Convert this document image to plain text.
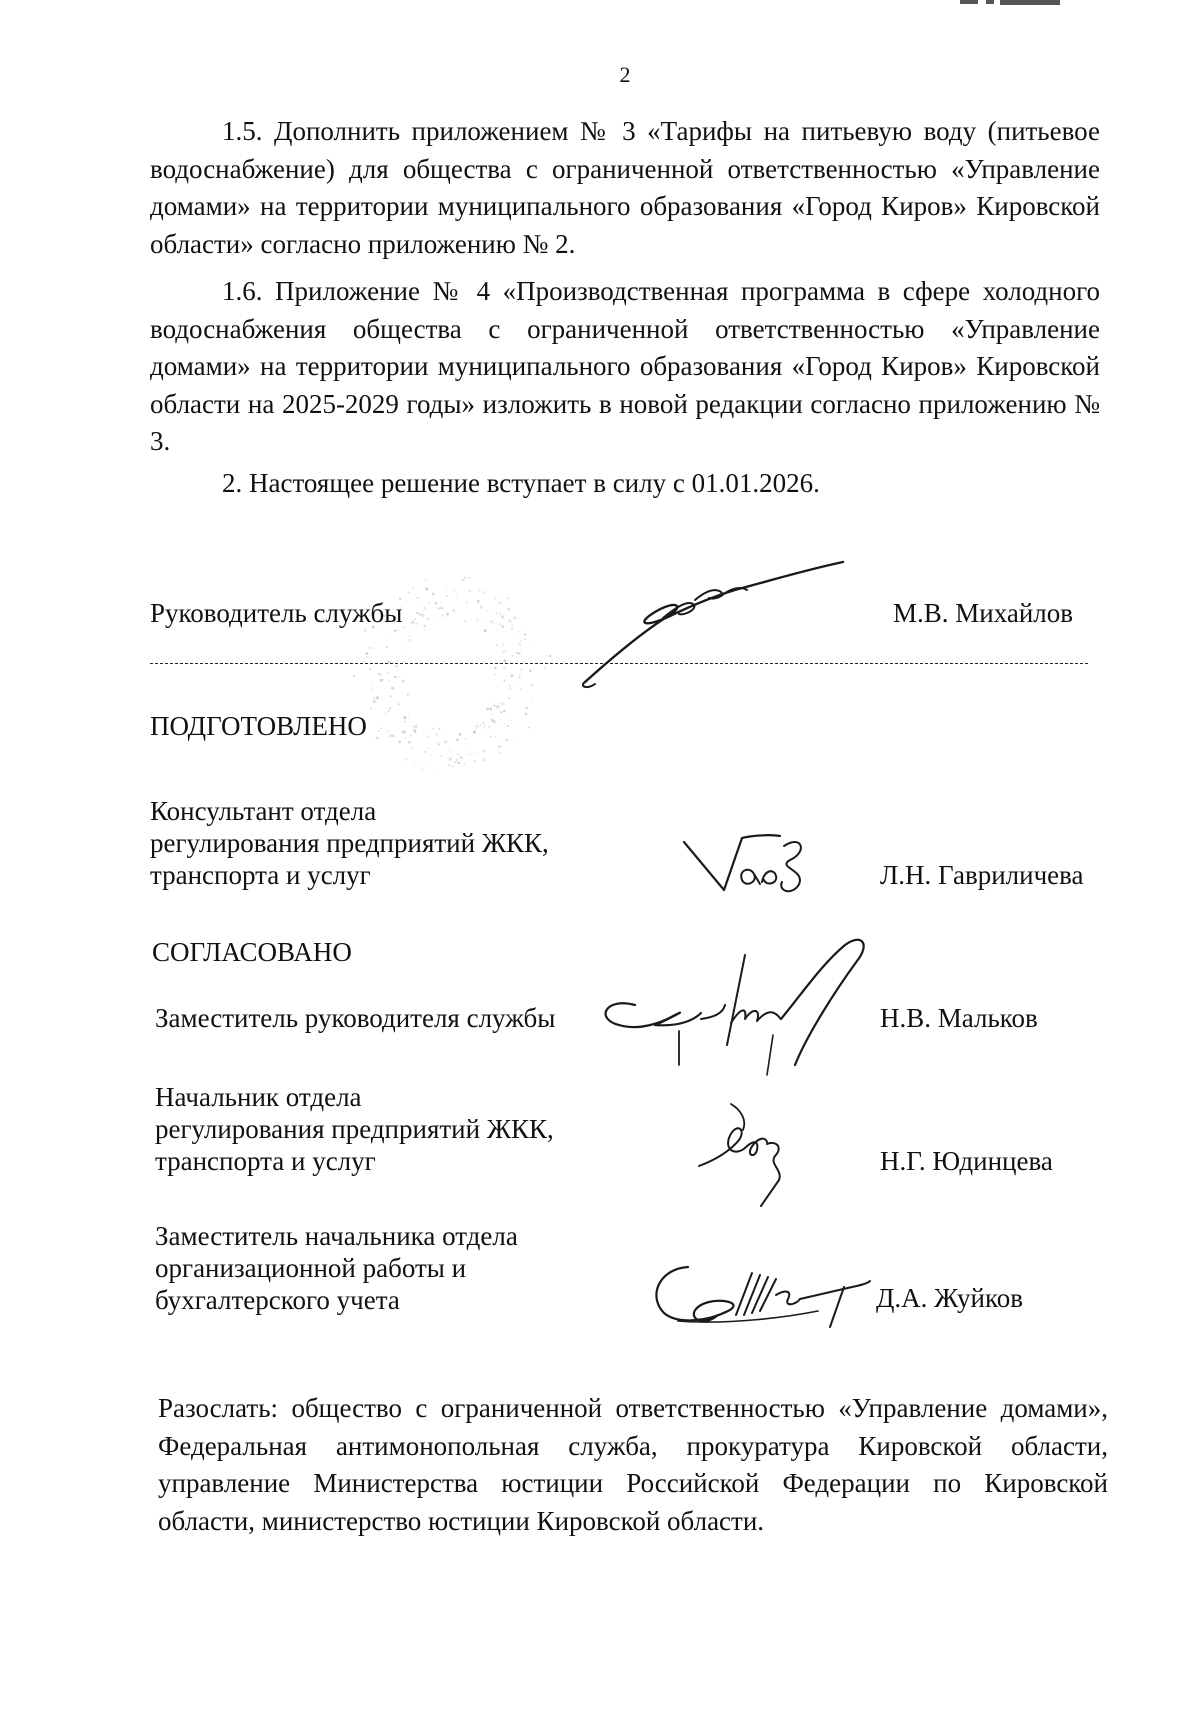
2

1.5. Дополнить приложением № 3 «Тарифы на питьевую воду (питьевое водоснабжение) для общества с ограниченной ответственностью «Управление домами» на территории муниципального образования «Город Киров» Кировской области» согласно приложению № 2.

1.6. Приложение № 4 «Производственная программа в сфере холодного водоснабжения общества с ограниченной ответственностью «Управление домами» на территории муниципального образования «Город Киров» Кировской области на 2025-2029 годы» изложить в новой редакции согласно приложению № 3.

2. Настоящее решение вступает в силу с 01.01.2026.

Руководитель службы	М.В. Михайлов
ПОДГОТОВЛЕНО
Консультант отдела
регулирования предприятий ЖКК,
транспорта и услуг	Л.Н. Гавриличева
СОГЛАСОВАНО
Заместитель руководителя службы	Н.В. Мальков
Начальник отдела
регулирования предприятий ЖКК,
транспорта и услуг	Н.Г. Юдинцева
Заместитель начальника отдела
организационной работы и
бухгалтерского учета	Д.А. Жуйков

Разослать: общество с ограниченной ответственностью «Управление домами», Федеральная антимонопольная служба, прокуратура Кировской области, управление Министерства юстиции Российской Федерации по Кировской области, министерство юстиции Кировской области.
